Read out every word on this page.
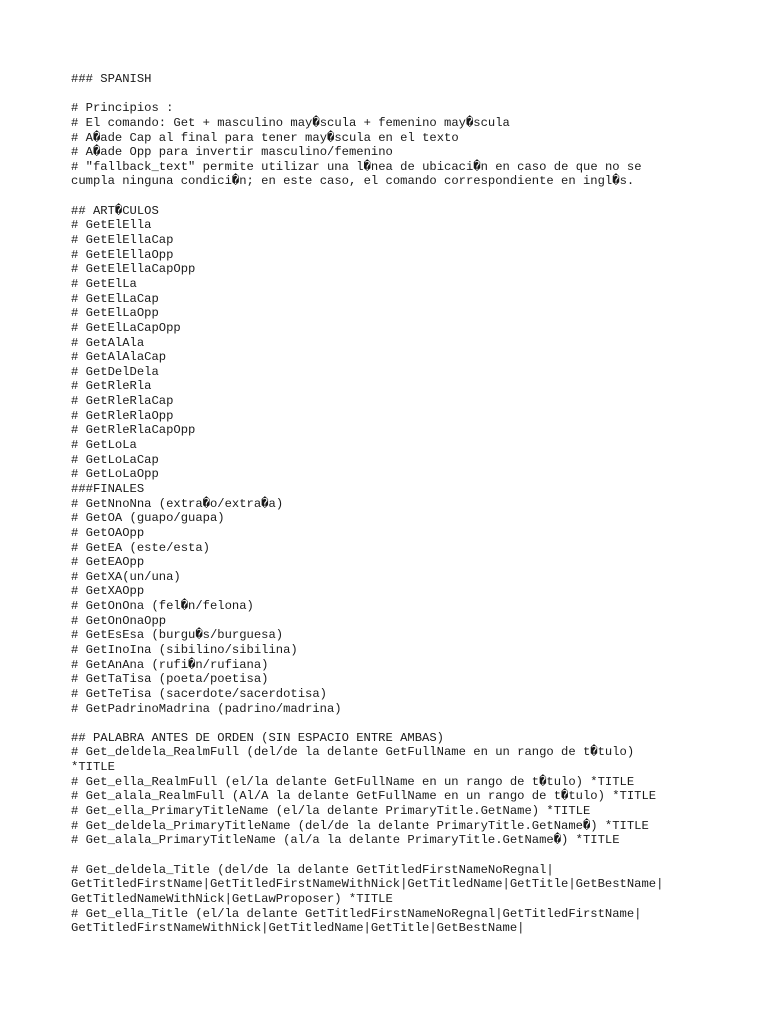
### SPANISH
# Principios :
# El comando: Get + masculino may�scula + femenino may�scula
# A�ade Cap al final para tener may�scula en el texto
# A�ade Opp para invertir masculino/femenino
# "fallback_text" permite utilizar una l�nea de ubicaci�n en caso de que no se
cumpla ninguna condici�n; en este caso, el comando correspondiente en ingl�s.
## ART�CULOS
# GetElElla
# GetElEllaCap
# GetElEllaOpp
# GetElEllaCapOpp
# GetElLa
# GetElLaCap
# GetElLaOpp
# GetElLaCapOpp
# GetAlAla
# GetAlAlaCap
# GetDelDela
# GetRleRla
# GetRleRlaCap
# GetRleRlaOpp
# GetRleRlaCapOpp
# GetLoLa
# GetLoLaCap
# GetLoLaOpp
###FINALES
# GetNnoNna (extra�o/extra�a)
# GetOA (guapo/guapa)
# GetOAOpp
# GetEA (este/esta)
# GetEAOpp
# GetXA(un/una)
# GetXAOpp
# GetOnOna (fel�n/felona)
# GetOnOnaOpp
# GetEsEsa (burgu�s/burguesa)
# GetInoIna (sibilino/sibilina)
# GetAnAna (rufi�n/rufiana)
# GetTaTisa (poeta/poetisa)
# GetTeTisa (sacerdote/sacerdotisa)
# GetPadrinoMadrina (padrino/madrina)
## PALABRA ANTES DE ORDEN (SIN ESPACIO ENTRE AMBAS)
# Get_deldela_RealmFull (del/de la delante GetFullName en un rango de t�tulo)
*TITLE
# Get_ella_RealmFull (el/la delante GetFullName en un rango de t�tulo) *TITLE
# Get_alala_RealmFull (Al/A la delante GetFullName en un rango de t�tulo) *TITLE
# Get_ella_PrimaryTitleName (el/la delante PrimaryTitle.GetName) *TITLE
# Get_deldela_PrimaryTitleName (del/de la delante PrimaryTitle.GetName�) *TITLE
# Get_alala_PrimaryTitleName (al/a la delante PrimaryTitle.GetName�) *TITLE
# Get_deldela_Title (del/de la delante GetTitledFirstNameNoRegnal|
GetTitledFirstName|GetTitledFirstNameWithNick|GetTitledName|GetTitle|GetBestName|
GetTitledNameWithNick|GetLawProposer) *TITLE
# Get_ella_Title (el/la delante GetTitledFirstNameNoRegnal|GetTitledFirstName|
GetTitledFirstNameWithNick|GetTitledName|GetTitle|GetBestName|
